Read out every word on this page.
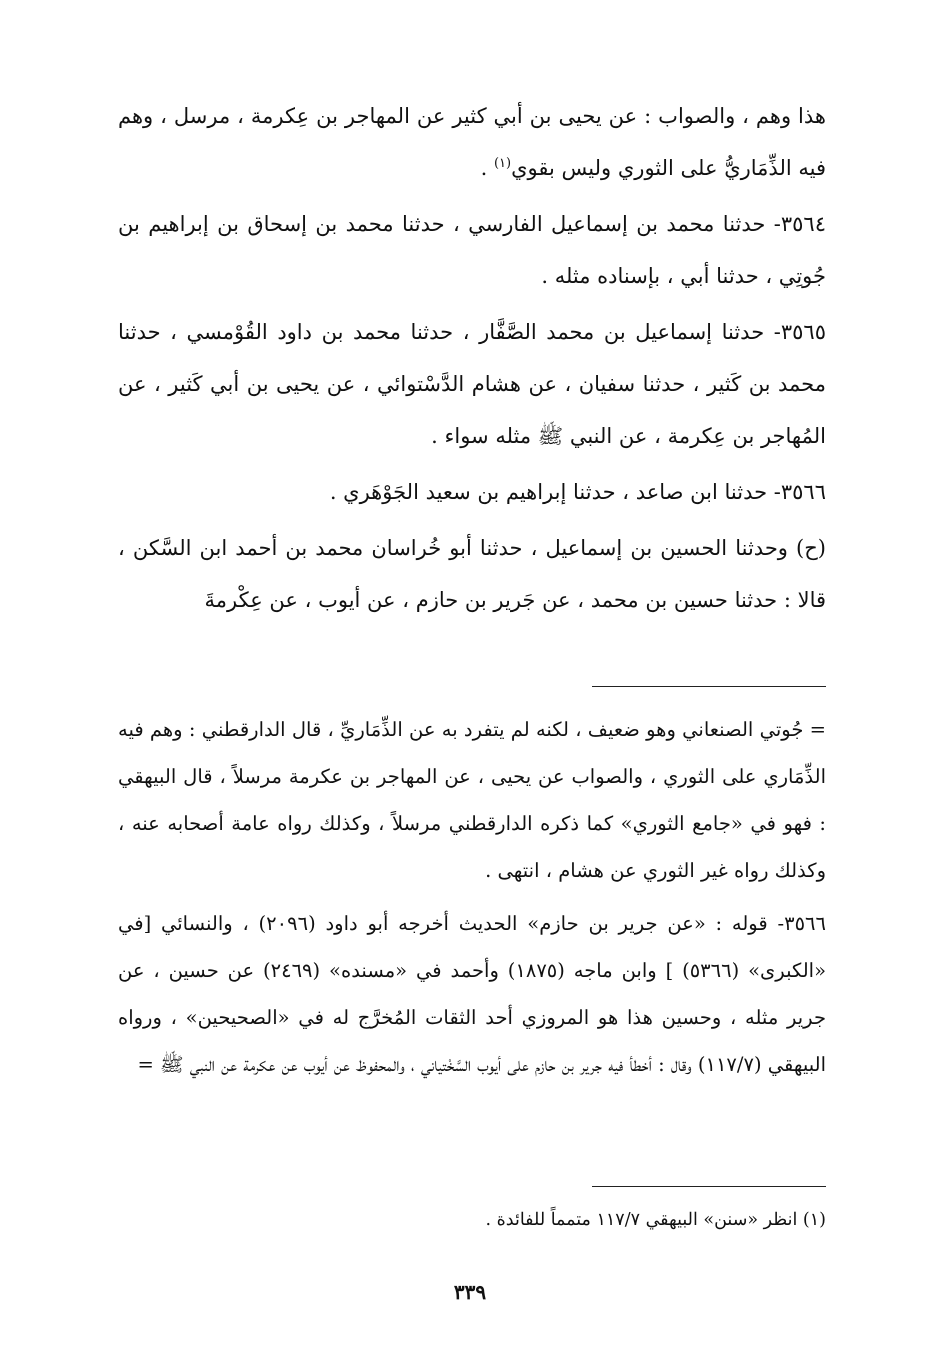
هذا وهم ، والصواب : عن يحيى بن أبي كثير عن المهاجر بن عِكرمة ، مرسل ، وهم فيه الذِّمَاريُّ على الثوري وليس بقوي$^{(١)}$ .

٣٥٦٤- حدثنا محمد بن إسماعيل الفارسي ، حدثنا محمد بن إسحاق بن إبراهيم بن جُوتِي ، حدثنا أبي ، بإسناده مثله .

٣٥٦٥- حدثنا إسماعيل بن محمد الصَّفَّار ، حدثنا محمد بن داود القُوْمسي ، حدثنا محمد بن كَثير ، حدثنا سفيان ، عن هشام الدَّسْتوائي ، عن يحيى بن أبي كَثير ، عن المُهاجر بن عِكرمة ، عن النبي ﷺ مثله سواء .

٣٥٦٦- حدثنا ابن صاعد ، حدثنا إبراهيم بن سعيد الجَوْهَري .

(ح) وحدثنا الحسين بن إسماعيل ، حدثنا أبو خُراسان محمد بن أحمد ابن السَّكن ، قالا : حدثنا حسين بن محمد ، عن جَرير بن حازم ، عن أيوب ، عن عِكْرمةَ

= جُوتي الصنعاني وهو ضعيف ، لكنه لم يتفرد به عن الذِّمَاريِّ ، قال الدارقطني : وهم فيه الذِّمَاري على الثوري ، والصواب عن يحيى ، عن المهاجر بن عكرمة مرسلاً ، قال البيهقي : فهو في «جامع الثوري» كما ذكره الدارقطني مرسلاً ، وكذلك رواه عامة أصحابه عنه ، وكذلك رواه غير الثوري عن هشام ، انتهى .

٣٥٦٦- قوله : «عن جرير بن حازم» الحديث أخرجه أبو داود (٢٠٩٦) ، والنسائي [في «الكبرى» (٥٣٦٦) ] وابن ماجه (١٨٧٥) وأحمد في «مسنده» (٢٤٦٩) عن حسين ، عن جرير مثله ، وحسين هذا هو المروزي أحد الثقات المُخرَّج له في «الصحيحين» ، ورواه البيهقي (١١٧/٧) وقال : أخطأ فيه جرير بن حازم على أيوب السَّخْتياني ، والمحفوظ عن أيوب عن عكرمة عن النبي ﷺ =

(١) انظر «سنن» البيهقي ١١٧/٧ متمماً للفائدة .

٣٣٩
